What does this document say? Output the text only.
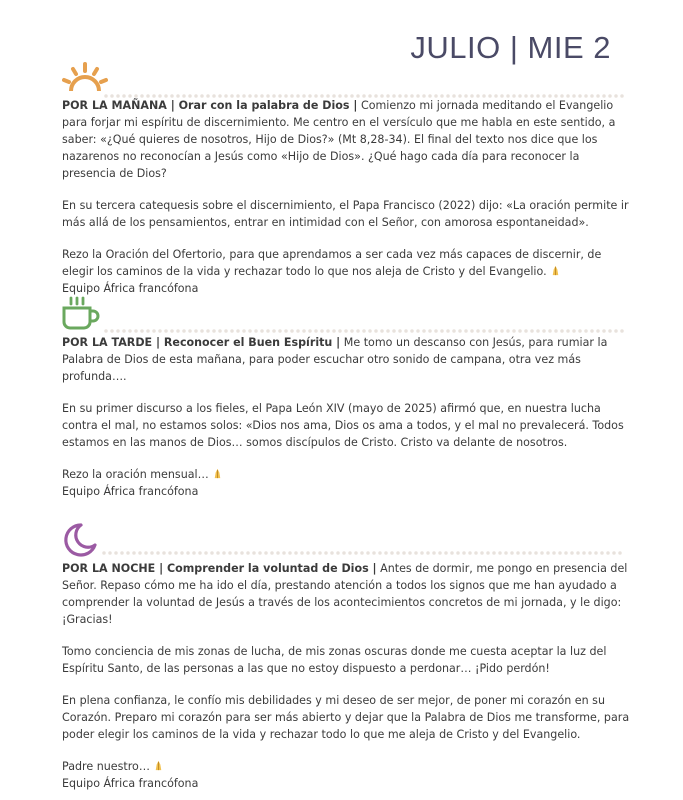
JULIO | MIE 2

POR LA MAÑANA | Orar con la palabra de Dios | Comienzo mi jornada meditando el Evangelio para forjar mi espíritu de discernimiento. Me centro en el versículo que me habla en este sentido, a saber: «¿Qué quieres de nosotros, Hijo de Dios?» (Mt 8,28-34). El final del texto nos dice que los nazarenos no reconocían a Jesús como «Hijo de Dios». ¿Qué hago cada día para reconocer la presencia de Dios?

En su tercera catequesis sobre el discernimiento, el Papa Francisco (2022) dijo: «La oración permite ir más allá de los pensamientos, entrar en intimidad con el Señor, con amorosa espontaneidad».

Rezo la Oración del Ofertorio, para que aprendamos a ser cada vez más capaces de discernir, de elegir los caminos de la vida y rechazar todo lo que nos aleja de Cristo y del Evangelio.

Equipo África francófona

POR LA TARDE | Reconocer el Buen Espíritu | Me tomo un descanso con Jesús, para rumiar la Palabra de Dios de esta mañana, para poder escuchar otro sonido de campana, otra vez más profunda….

En su primer discurso a los fieles, el Papa León XIV (mayo de 2025) afirmó que, en nuestra lucha contra el mal, no estamos solos: «Dios nos ama, Dios os ama a todos, y el mal no prevalecerá. Todos estamos en las manos de Dios… somos discípulos de Cristo. Cristo va delante de nosotros.

Rezo la oración mensual…

Equipo África francófona

POR LA NOCHE | Comprender la voluntad de Dios | Antes de dormir, me pongo en presencia del Señor. Repaso cómo me ha ido el día, prestando atención a todos los signos que me han ayudado a comprender la voluntad de Jesús a través de los acontecimientos concretos de mi jornada, y le digo: ¡Gracias!

Tomo conciencia de mis zonas de lucha, de mis zonas oscuras donde me cuesta aceptar la luz del Espíritu Santo, de las personas a las que no estoy dispuesto a perdonar… ¡Pido perdón!

En plena confianza, le confío mis debilidades y mi deseo de ser mejor, de poner mi corazón en su Corazón. Preparo mi corazón para ser más abierto y dejar que la Palabra de Dios me transforme, para poder elegir los caminos de la vida y rechazar todo lo que me aleja de Cristo y del Evangelio.

Padre nuestro…

Equipo África francófona
